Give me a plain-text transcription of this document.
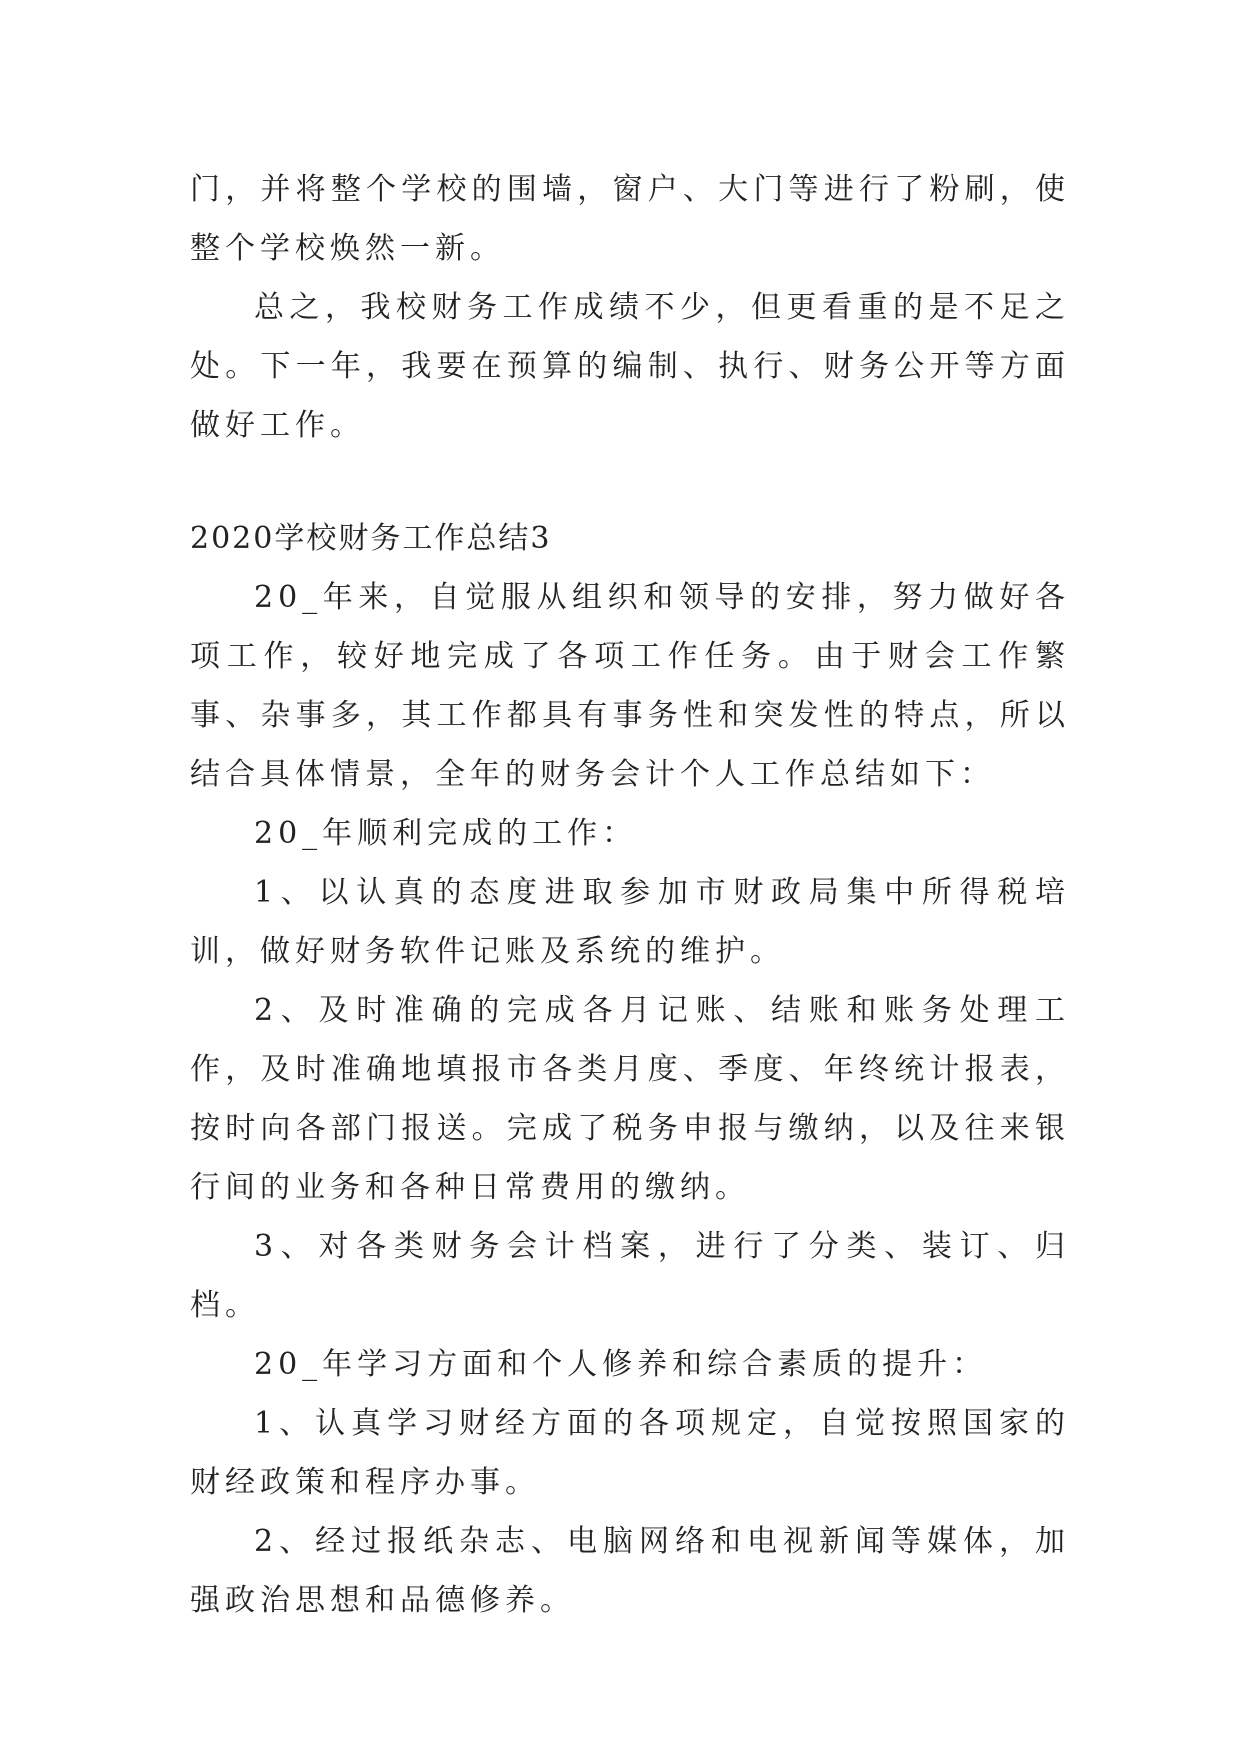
门，并将整个学校的围墙，窗户、大门等进行了粉刷，使整个学校焕然一新。

总之，我校财务工作成绩不少，但更看重的是不足之处。下一年，我要在预算的编制、执行、财务公开等方面做好工作。

2020学校财务工作总结3

20_年来，自觉服从组织和领导的安排，努力做好各项工作，较好地完成了各项工作任务。由于财会工作繁事、杂事多，其工作都具有事务性和突发性的特点，所以结合具体情景，全年的财务会计个人工作总结如下：

20_年顺利完成的工作：

1、以认真的态度进取参加市财政局集中所得税培训，做好财务软件记账及系统的维护。

2、及时准确的完成各月记账、结账和账务处理工作，及时准确地填报市各类月度、季度、年终统计报表，按时向各部门报送。完成了税务申报与缴纳，以及往来银行间的业务和各种日常费用的缴纳。

3、对各类财务会计档案，进行了分类、装订、归档。

20_年学习方面和个人修养和综合素质的提升：

1、认真学习财经方面的各项规定，自觉按照国家的财经政策和程序办事。

2、经过报纸杂志、电脑网络和电视新闻等媒体，加强政治思想和品德修养。
